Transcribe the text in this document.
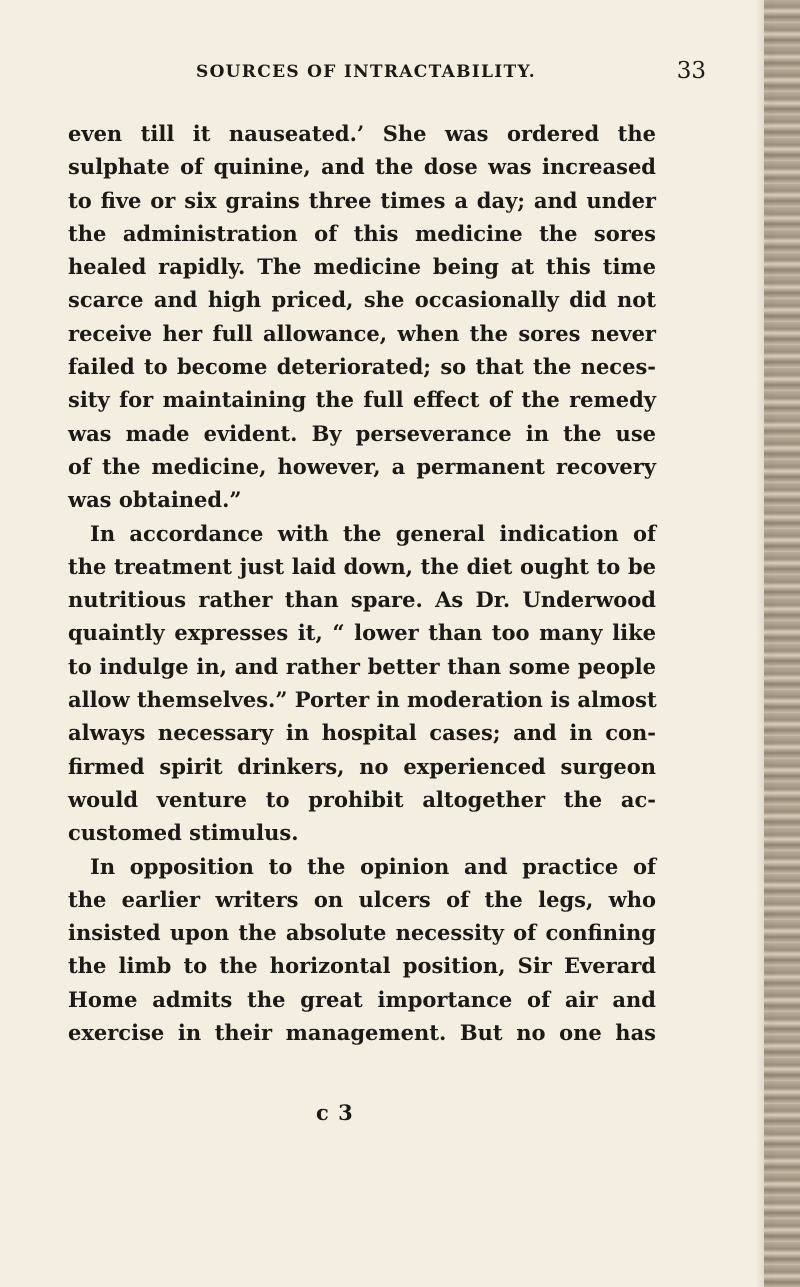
SOURCES OF INTRACTABILITY.	33
even till it nauseated.’ She was ordered the
sulphate of quinine, and the dose was increased
to five or six grains three times a day; and under
the administration of this medicine the sores
healed rapidly. The medicine being at this time
scarce and high priced, she occasionally did not
receive her full allowance, when the sores never
failed to become deteriorated; so that the neces-
sity for maintaining the full effect of the remedy
was made evident. By perseverance in the use
of the medicine, however, a permanent recovery
was obtained.”
In accordance with the general indication of
the treatment just laid down, the diet ought to be
nutritious rather than spare. As Dr. Underwood
quaintly expresses it, “ lower than too many like
to indulge in, and rather better than some people
allow themselves.” Porter in moderation is almost
always necessary in hospital cases; and in con-
firmed spirit drinkers, no experienced surgeon
would venture to prohibit altogether the ac-
customed stimulus.
In opposition to the opinion and practice of
the earlier writers on ulcers of the legs, who
insisted upon the absolute necessity of confining
the limb to the horizontal position, Sir Everard
Home admits the great importance of air and
exercise in their management. But no one has
c 3
